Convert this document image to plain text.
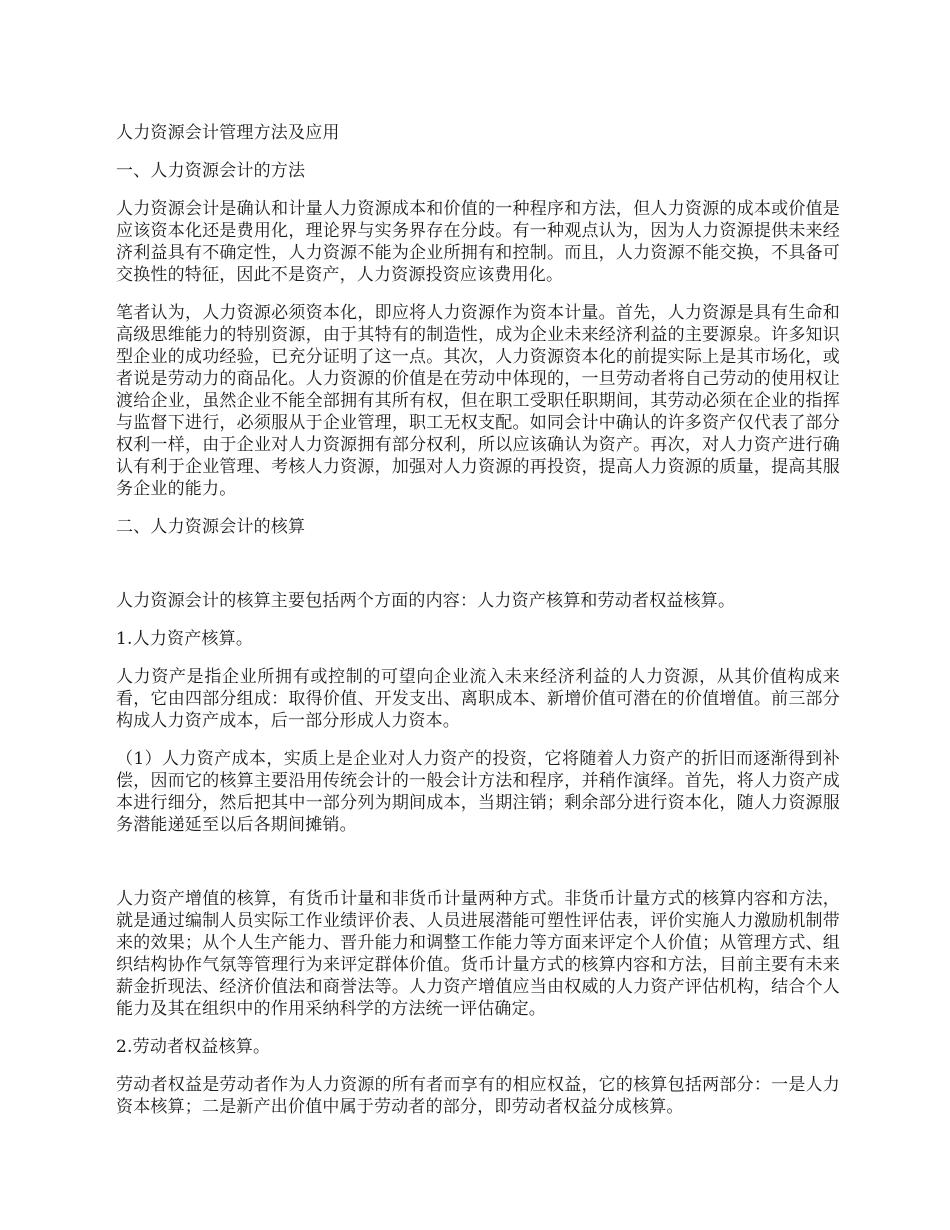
人力资源会计管理方法及应用

一、人力资源会计的方法

人力资源会计是确认和计量人力资源成本和价值的一种程序和方法，但人力资源的成本或价值是应该资本化还是费用化，理论界与实务界存在分歧。有一种观点认为，因为人力资源提供未来经济利益具有不确定性，人力资源不能为企业所拥有和控制。而且，人力资源不能交换，不具备可交换性的特征，因此不是资产，人力资源投资应该费用化。

笔者认为，人力资源必须资本化，即应将人力资源作为资本计量。首先，人力资源是具有生命和高级思维能力的特别资源，由于其特有的制造性，成为企业未来经济利益的主要源泉。许多知识型企业的成功经验，已充分证明了这一点。其次，人力资源资本化的前提实际上是其市场化，或者说是劳动力的商品化。人力资源的价值是在劳动中体现的，一旦劳动者将自己劳动的使用权让渡给企业，虽然企业不能全部拥有其所有权，但在职工受职任职期间，其劳动必须在企业的指挥与监督下进行，必须服从于企业管理，职工无权支配。如同会计中确认的许多资产仅代表了部分权利一样，由于企业对人力资源拥有部分权利，所以应该确认为资产。再次，对人力资产进行确认有利于企业管理、考核人力资源，加强对人力资源的再投资，提高人力资源的质量，提高其服务企业的能力。

二、人力资源会计的核算

人力资源会计的核算主要包括两个方面的内容：人力资产核算和劳动者权益核算。

1.人力资产核算。

人力资产是指企业所拥有或控制的可望向企业流入未来经济利益的人力资源，从其价值构成来看，它由四部分组成：取得价值、开发支出、离职成本、新增价值可潜在的价值增值。前三部分构成人力资产成本，后一部分形成人力资本。

（1）人力资产成本，实质上是企业对人力资产的投资，它将随着人力资产的折旧而逐渐得到补偿，因而它的核算主要沿用传统会计的一般会计方法和程序，并稍作演绎。首先，将人力资产成本进行细分，然后把其中一部分列为期间成本，当期注销；剩余部分进行资本化，随人力资源服务潜能递延至以后各期间摊销。

人力资产增值的核算，有货币计量和非货币计量两种方式。非货币计量方式的核算内容和方法，就是通过编制人员实际工作业绩评价表、人员进展潜能可塑性评估表，评价实施人力激励机制带来的效果；从个人生产能力、晋升能力和调整工作能力等方面来评定个人价值；从管理方式、组织结构协作气氛等管理行为来评定群体价值。货币计量方式的核算内容和方法，目前主要有未来薪金折现法、经济价值法和商誉法等。人力资产增值应当由权威的人力资产评估机构，结合个人能力及其在组织中的作用采纳科学的方法统一评估确定。

2.劳动者权益核算。

劳动者权益是劳动者作为人力资源的所有者而享有的相应权益，它的核算包括两部分：一是人力资本核算；二是新产出价值中属于劳动者的部分，即劳动者权益分成核算。
